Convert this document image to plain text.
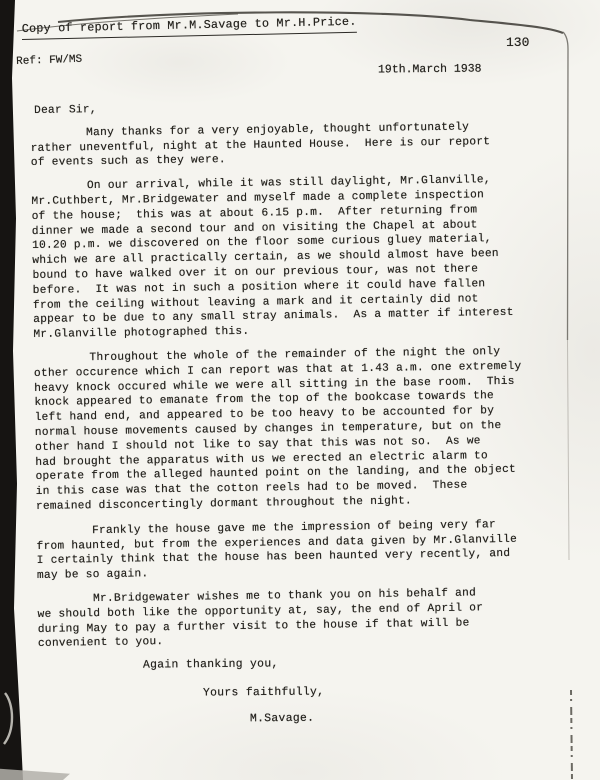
Copy of report from Mr.M.Savage to Mr.H.Price.
130
Ref: FW/MS
19th.March 1938
Dear Sir,
Many thanks for a very enjoyable, thought unfortunately
rather uneventful, night at the Haunted House.  Here is our report
of events such as they were.
On our arrival, while it was still daylight, Mr.Glanville,
Mr.Cuthbert, Mr.Bridgewater and myself made a complete inspection
of the house;  this was at about 6.15 p.m.  After returning from
dinner we made a second tour and on visiting the Chapel at about
10.20 p.m. we discovered on the floor some curious gluey material,
which we are all practically certain, as we should almost have been
bound to have walked over it on our previous tour, was not there
before.  It was not in such a position where it could have fallen
from the ceiling without leaving a mark and it certainly did not
appear to be due to any small stray animals.  As a matter if interest
Mr.Glanville photographed this.
Throughout the whole of the remainder of the night the only
other occurence which I can report was that at 1.43 a.m. one extremely
heavy knock occured while we were all sitting in the base room.  This
knock appeared to emanate from the top of the bookcase towards the
left hand end, and appeared to be too heavy to be accounted for by
normal house movements caused by changes in temperature, but on the
other hand I should not like to say that this was not so.  As we
had brought the apparatus with us we erected an electric alarm to
operate from the alleged haunted point on the landing, and the object
in this case was that the cotton reels had to be moved.  These
remained disconcertingly dormant throughout the night.
Frankly the house gave me the impression of being very far
from haunted, but from the experiences and data given by Mr.Glanville
I certainly think that the house has been haunted very recently, and
may be so again.
Mr.Bridgewater wishes me to thank you on his behalf and
we should both like the opportunity at, say, the end of April or
during May to pay a further visit to the house if that will be
convenient to you.
Again thanking you,
Yours faithfully,
M.Savage.
